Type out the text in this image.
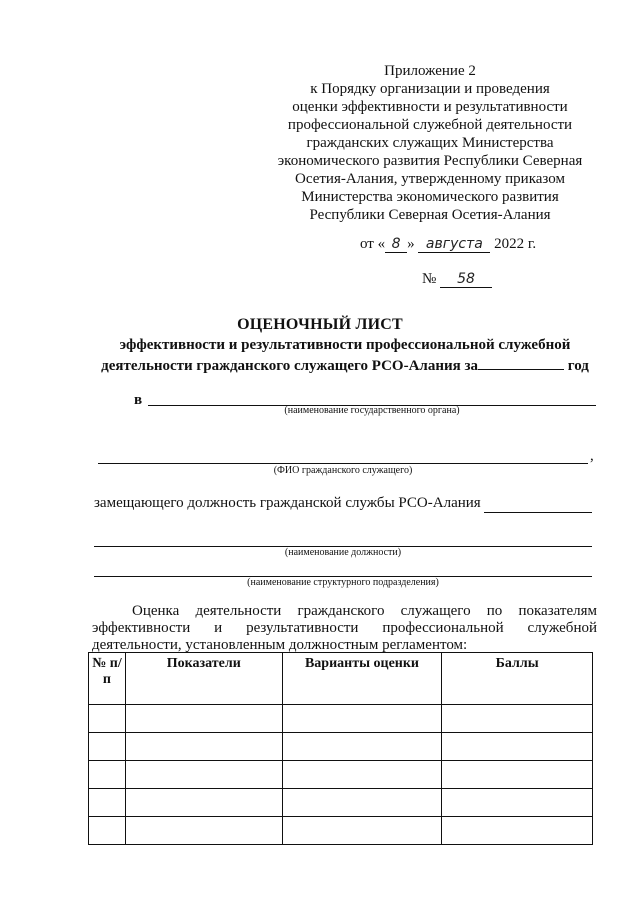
Приложение 2
к Порядку организации и проведения
оценки эффективности и результативности
профессиональной служебной деятельности
гражданских служащих Министерства
экономического развития Республики Северная
Осетия-Алания, утвержденному приказом
Министерства экономического развития
Республики Северная Осетия-Алания
от « 8 » августа 2022 г.
№ 58
ОЦЕНОЧНЫЙ ЛИСТ
эффективности и результативности профессиональной служебной
деятельности гражданского служащего РСО-Алания за	год
в
(наименование государственного органа)
,
(ФИО гражданского служащего)
замещающего должность гражданской службы РСО-Алания
(наименование должности)
(наименование структурного подразделения)
Оценка деятельности гражданского служащего по показателям эффективности и результативности профессиональной служебной деятельности, установленным должностным регламентом:
№ п/п	Показатели	Варианты оценки	Баллы
